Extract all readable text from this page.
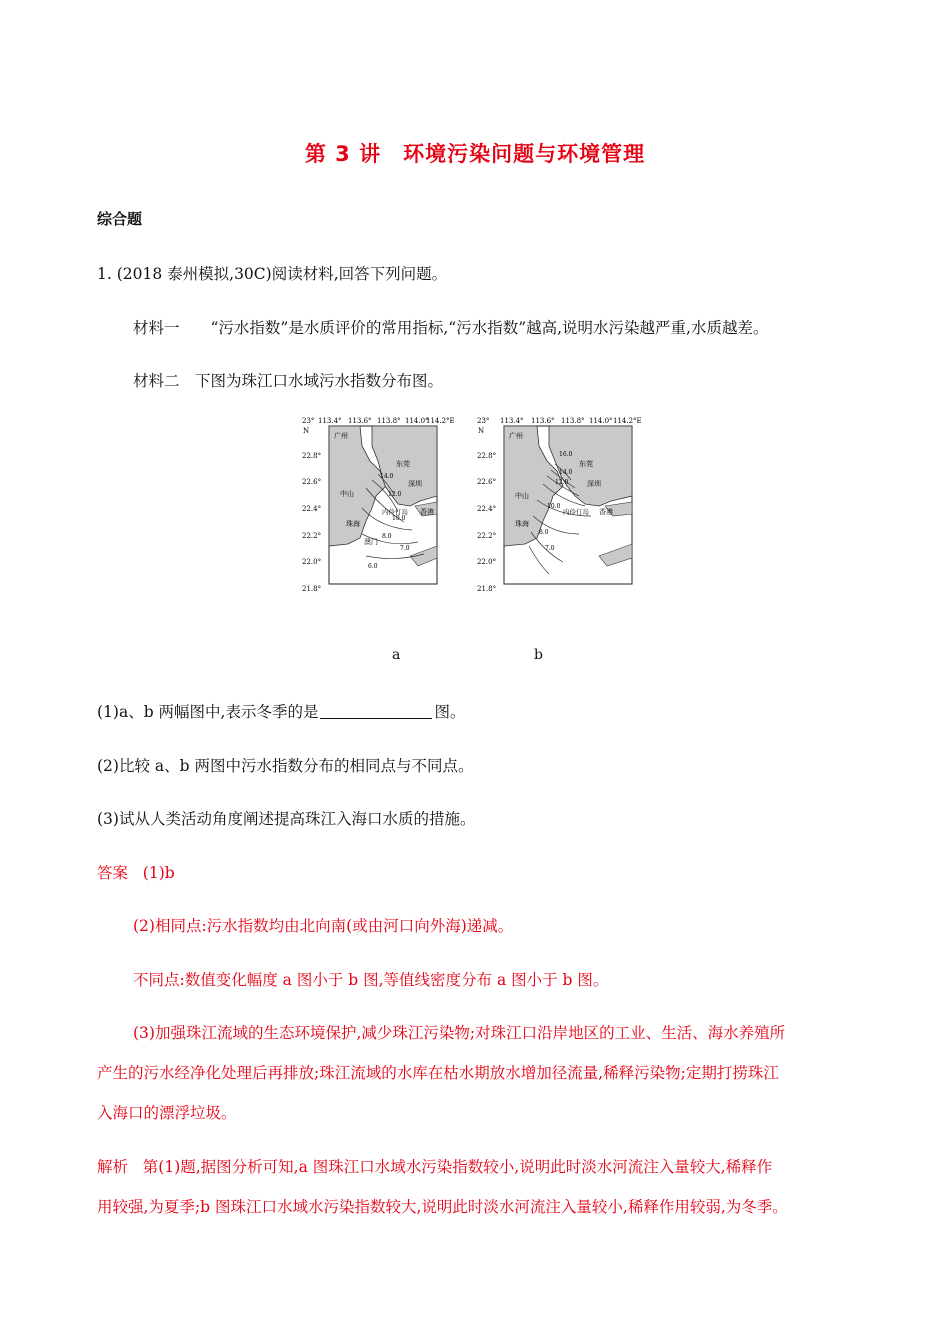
第 3 讲　环境污染问题与环境管理
综合题
1. (2018 泰州模拟,30C)阅读材料,回答下列问题。
材料一　　“污水指数”是水质评价的常用指标,“污水指数”越高,说明水污染越严重,水质越差。
材料二　下图为珠江口水域污水指数分布图。
23°
N
113.4° 113.6° 113.8° 114.0°
114.2°E
22.8°
22.6°
22.4°
22.2°
22.0°
21.8°
广州
东莞
深圳
中山
内伶仃岛 香港
珠海
澳门
14.0
12.0
10.0
8.0
7.0
6.0
23°
N
113.4° 113.6° 113.8° 114.0° 114.2°E
22.8°
22.6°
22.4°
22.2°
22.0°
21.8°
广州
东莞
深圳
中山
内伶仃岛 香港
珠海
16.0
14.0
12.0
10.0
8.0
7.0
a	b
(1)a、b 两幅图中,表示冬季的是	图。
(2)比较 a、b 两图中污水指数分布的相同点与不同点。
(3)试从人类活动角度阐述提高珠江入海口水质的措施。
答案 (1)b
(2)相同点:污水指数均由北向南(或由河口向外海)递减。
不同点:数值变化幅度 a 图小于 b 图,等值线密度分布 a 图小于 b 图。
(3)加强珠江流域的生态环境保护,减少珠江污染物;对珠江口沿岸地区的工业、生活、海水养殖所
产生的污水经净化处理后再排放;珠江流域的水库在枯水期放水增加径流量,稀释污染物;定期打捞珠江
入海口的漂浮垃圾。
解析 第(1)题,据图分析可知,a 图珠江口水域水污染指数较小,说明此时淡水河流注入量较大,稀释作
用较强,为夏季;b 图珠江口水域水污染指数较大,说明此时淡水河流注入量较小,稀释作用较弱,为冬季。
